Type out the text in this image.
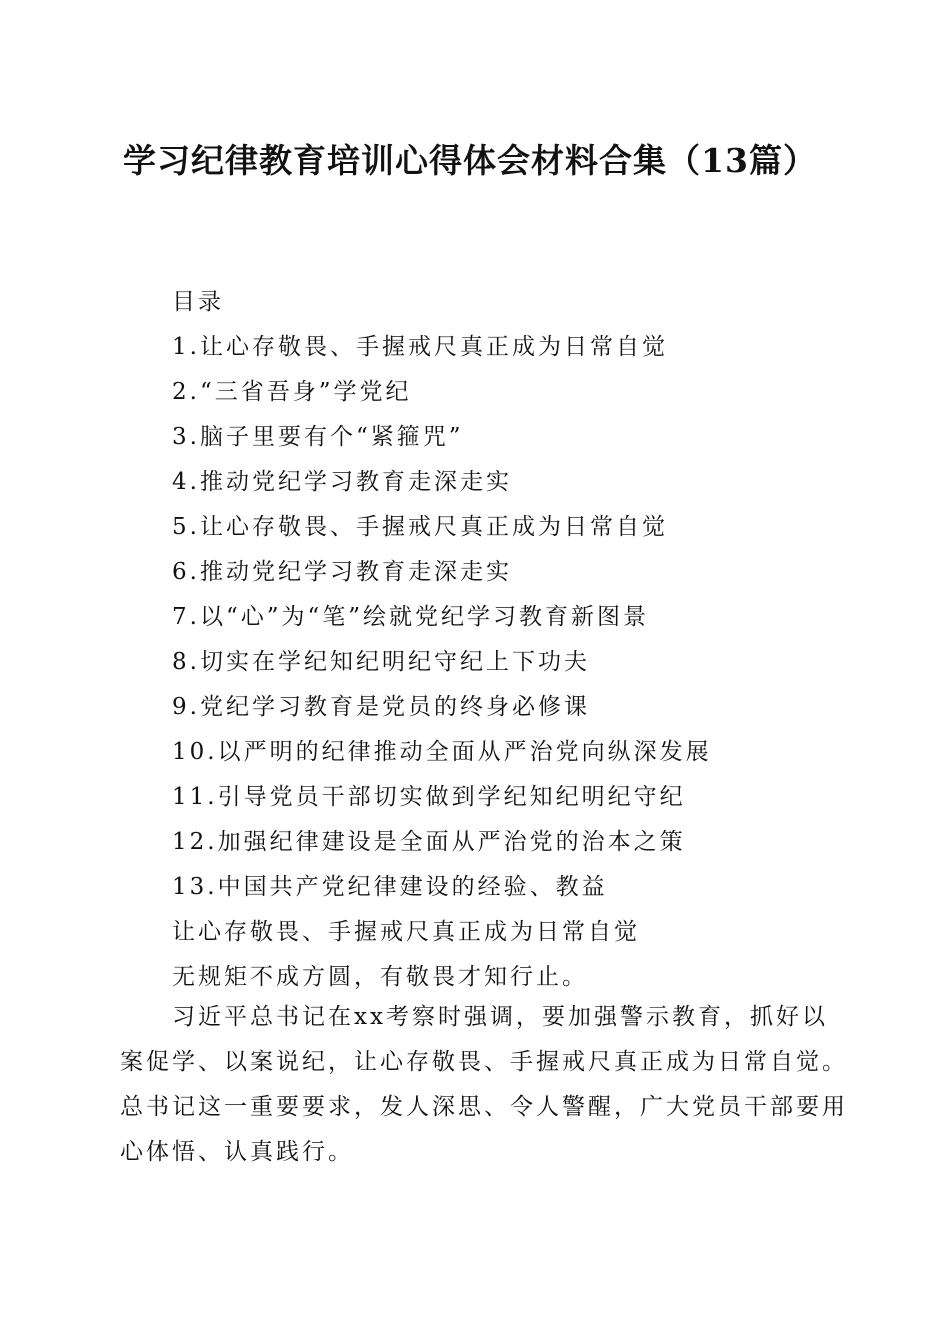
学习纪律教育培训心得体会材料合集（13篇）
目录
1.让心存敬畏、手握戒尺真正成为日常自觉
2.“三省吾身”学党纪
3.脑子里要有个“紧箍咒”
4.推动党纪学习教育走深走实
5.让心存敬畏、手握戒尺真正成为日常自觉
6.推动党纪学习教育走深走实
7.以“心”为“笔”绘就党纪学习教育新图景
8.切实在学纪知纪明纪守纪上下功夫
9.党纪学习教育是党员的终身必修课
10.以严明的纪律推动全面从严治党向纵深发展
11.引导党员干部切实做到学纪知纪明纪守纪
12.加强纪律建设是全面从严治党的治本之策
13.中国共产党纪律建设的经验、教益
让心存敬畏、手握戒尺真正成为日常自觉
无规矩不成方圆，有敬畏才知行止。

习近平总书记在xx考察时强调，要加强警示教育，抓好以案促学、以案说纪，让心存敬畏、手握戒尺真正成为日常自觉。总书记这一重要要求，发人深思、令人警醒，广大党员干部要用心体悟、认真践行。
